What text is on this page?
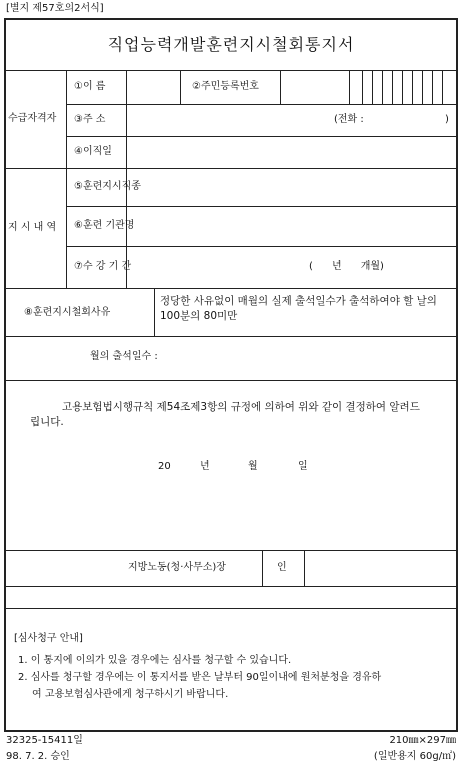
[별지 제57호의2서식]
직업능력개발훈련지시철회통지서
수급자격자
①이 름	②주민등록번호
③주 소	(전화 :	)
④이직일
지 시 내 역
⑤훈련지시직종
⑥훈련 기관명
⑦수 강 기 간	(      년      개월)
⑧훈련지시철회사유
정당한 사유없이 매월의 실제 출석일수가 출석하여야 할 날의 100분의 80미만
월의 출석일수 :
고용보험법시행규칙 제54조제3항의 규정에 의하여 위와 같이 결정하여 알려드립니다.
20	년	월	일
지방노동(청·사무소)장	인
[심사청구 안내]
1. 이 통지에 이의가 있을 경우에는 심사를 청구할 수 있습니다.
2. 심사를 청구할 경우에는 이 통지서를 받은 날부터 90일이내에 원처분청을 경유하
여 고용보험심사관에게 청구하시기 바랍니다.
32325-15411일
98. 7. 2. 승인
210㎜×297㎜
(일반용지 60g/㎡)
